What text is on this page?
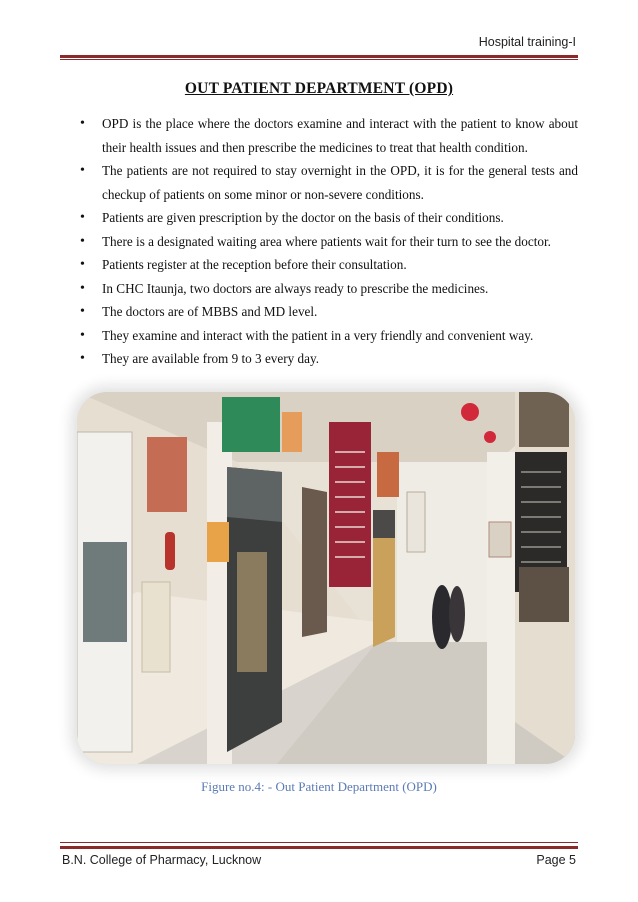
Hospital training-I
OUT PATIENT DEPARTMENT (OPD)
• OPD is the place where the doctors examine and interact with the patient to know about their health issues and then prescribe the medicines to treat that health condition.
• The patients are not required to stay overnight in the OPD, it is for the general tests and checkup of patients on some minor or non-severe conditions.
• Patients are given prescription by the doctor on the basis of their conditions.
• There is a designated waiting area where patients wait for their turn to see the doctor.
• Patients register at the reception before their consultation.
• In CHC Itaunja, two doctors are always ready to prescribe the medicines.
• The doctors are of MBBS and MD level.
• They examine and interact with the patient in a very friendly and convenient way.
• They are available from 9 to 3 every day.
Figure no.4: - Out Patient Department (OPD)
B.N. College of Pharmacy, Lucknow	Page 5
